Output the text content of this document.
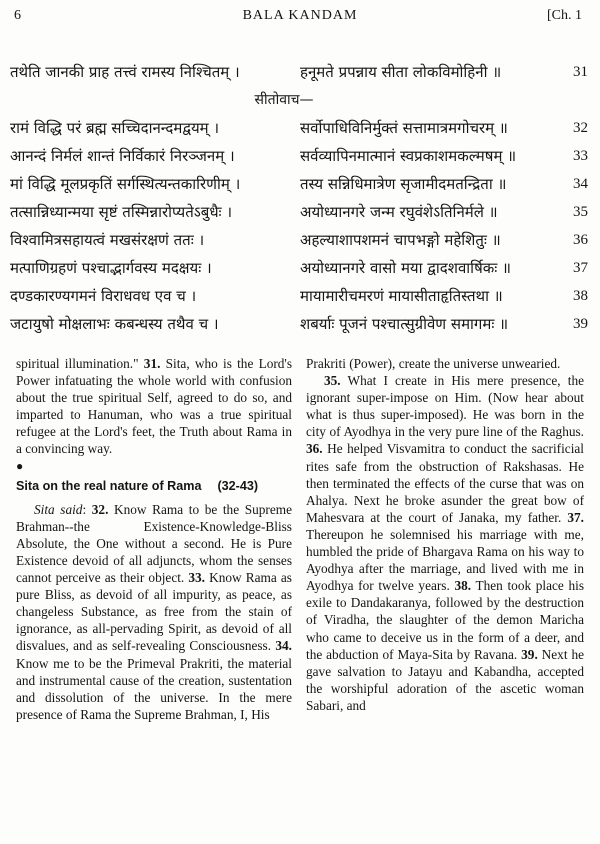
6	BALA KANDAM	[Ch. 1
तथेति जानकी प्राह तत्त्वं रामस्य निश्चितम् ।	हनूमते प्रपन्नाय सीता लोकविमोहिनी ॥	31
सीतोवाच—
रामं विद्धि परं ब्रह्म सच्चिदानन्दमद्वयम् ।	सर्वोपाधिविनिर्मुक्तं सत्तामात्रमगोचरम् ॥	32
आनन्दं निर्मलं शान्तं निर्विकारं निरञ्जनम् ।	सर्वव्यापिनमात्मानं स्वप्रकाशमकल्मषम् ॥	33
मां विद्धि मूलप्रकृतिं सर्गस्थित्यन्तकारिणीम् ।	तस्य सन्निधिमात्रेण सृजामीदमतन्द्रिता ॥	34
तत्सान्निध्यान्मया सृष्टं तस्मिन्नारोप्यतेऽबुधैः ।	अयोध्यानगरे जन्म रघुवंशेऽतिनिर्मले ॥	35
विश्वामित्रसहायत्वं मखसंरक्षणं ततः ।	अहल्याशापशमनं चापभङ्गो महेशितुः ॥	36
मत्पाणिग्रहणं पश्चाद्भार्गवस्य मदक्षयः ।	अयोध्यानगरे वासो मया द्वादशवार्षिकः ॥	37
दण्डकारण्यगमनं विराधवध एव च ।	मायामारीचमरणं मायासीताहृतिस्तथा ॥	38
जटायुषो मोक्षलाभः कबन्धस्य तथैव च ।	शबर्याः पूजनं पश्चात्सुग्रीवेण समागमः ॥	39

spiritual illumination." 31. Sita, who is the Lord's Power infatuating the whole world with confusion about the true spiritual Self, agreed to do so, and imparted to Hanuman, who was a true spiritual refugee at the Lord's feet, the Truth about Rama in a convincing way.

●
Sita on the real nature of Rama (32-43)

Sita said: 32. Know Rama to be the Supreme Brahman--the Existence-Knowledge-Bliss Absolute, the One without a second. He is Pure Existence devoid of all adjuncts, whom the senses cannot perceive as their object. 33. Know Rama as pure Bliss, as devoid of all impurity, as peace, as changeless Substance, as free from the stain of ignorance, as all-pervading Spirit, as devoid of all disvalues, and as self-revealing Consciousness. 34. Know me to be the Primeval Prakriti, the material and instrumental cause of the creation, sustentation and dissolution of the universe. In the mere presence of Rama the Supreme Brahman, I, His

Prakriti (Power), create the universe unwearied.

35. What I create in His mere presence, the ignorant super-impose on Him. (Now hear about what is thus super-imposed). He was born in the city of Ayodhya in the very pure line of the Raghus. 36. He helped Visvamitra to conduct the sacrificial rites safe from the obstruction of Rakshasas. He then terminated the effects of the curse that was on Ahalya. Next he broke asunder the great bow of Mahesvara at the court of Janaka, my father. 37. Thereupon he solemnised his marriage with me, humbled the pride of Bhargava Rama on his way to Ayodhya after the marriage, and lived with me in Ayodhya for twelve years. 38. Then took place his exile to Dandakaranya, followed by the destruction of Viradha, the slaughter of the demon Maricha who came to deceive us in the form of a deer, and the abduction of Maya-Sita by Ravana. 39. Next he gave salvation to Jatayu and Kabandha, accepted the worshipful adoration of the ascetic woman Sabari, and
